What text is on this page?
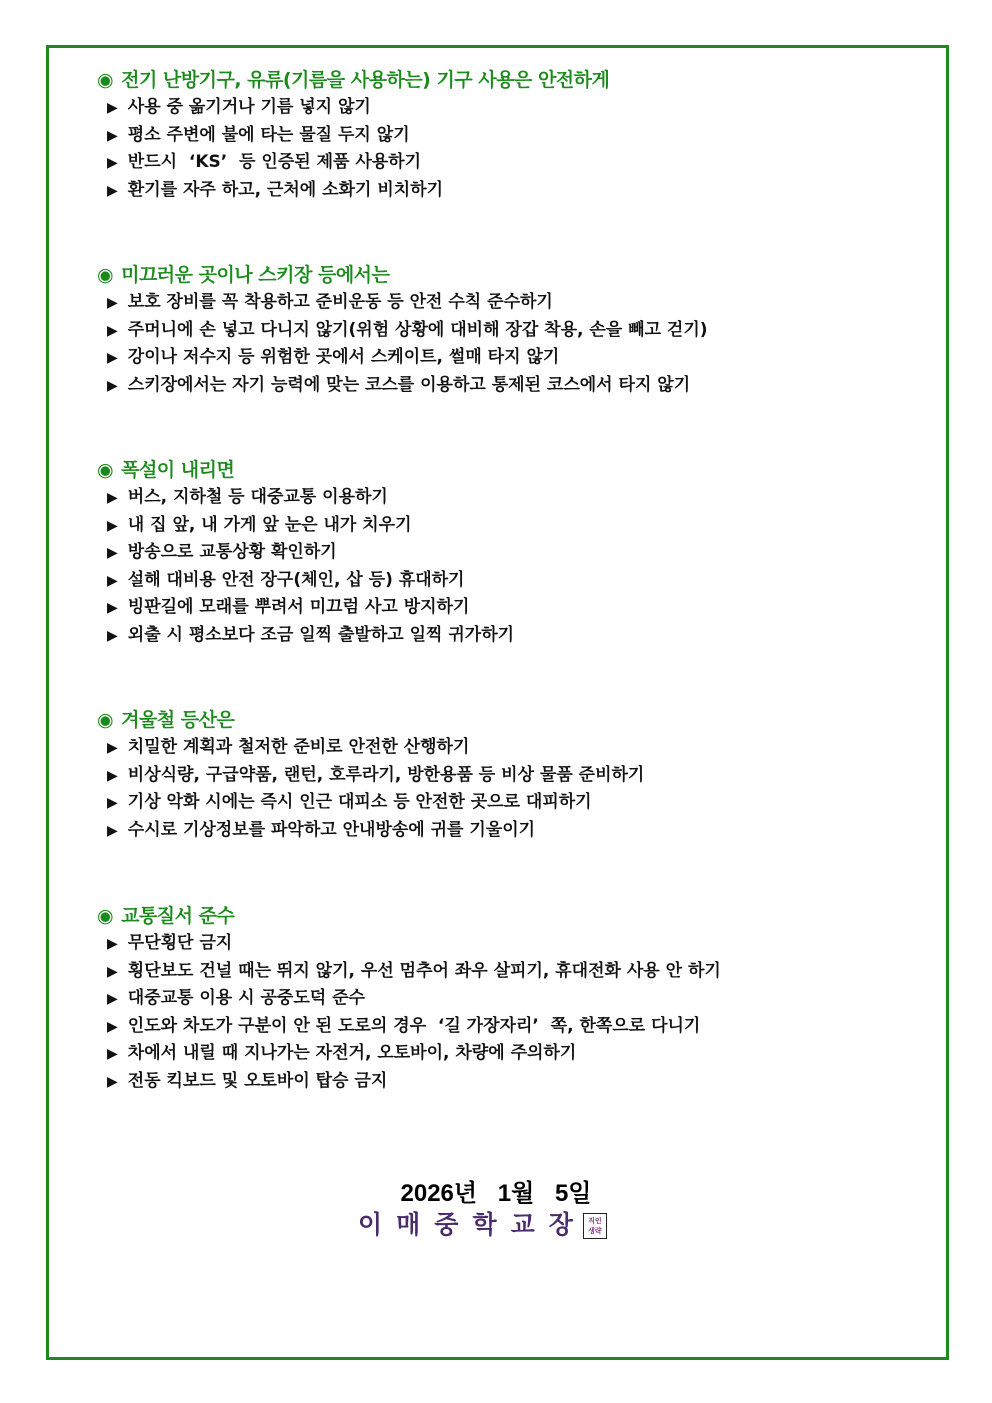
◉ 전기 난방기구, 유류(기름을 사용하는) 기구 사용은 안전하게
▶ 사용 중 옮기거나 기름 넣지 않기
▶ 평소 주변에 불에 타는 물질 두지 않기
▶ 반드시  ‘KS’  등 인증된 제품 사용하기
▶ 환기를 자주 하고, 근처에 소화기 비치하기
◉ 미끄러운 곳이나 스키장 등에서는
▶ 보호 장비를 꼭 착용하고 준비운동 등 안전 수칙 준수하기
▶ 주머니에 손 넣고 다니지 않기(위험 상황에 대비해 장갑 착용, 손을 빼고 걷기)
▶ 강이나 저수지 등 위험한 곳에서 스케이트, 썰매 타지 않기
▶ 스키장에서는 자기 능력에 맞는 코스를 이용하고 통제된 코스에서 타지 않기
◉ 폭설이 내리면
▶ 버스, 지하철 등 대중교통 이용하기
▶ 내 집 앞, 내 가게 앞 눈은 내가 치우기
▶ 방송으로 교통상황 확인하기
▶ 설해 대비용 안전 장구(체인, 삽 등) 휴대하기
▶ 빙판길에 모래를 뿌려서 미끄럼 사고 방지하기
▶ 외출 시 평소보다 조금 일찍 출발하고 일찍 귀가하기
◉ 겨울철 등산은
▶ 치밀한 계획과 철저한 준비로 안전한 산행하기
▶ 비상식량, 구급약품, 랜턴, 호루라기, 방한용품 등 비상 물품 준비하기
▶ 기상 악화 시에는 즉시 인근 대피소 등 안전한 곳으로 대피하기
▶ 수시로 기상정보를 파악하고 안내방송에 귀를 기울이기
◉ 교통질서 준수
▶ 무단횡단 금지
▶ 횡단보도 건널 때는 뛰지 않기, 우선 멈추어 좌우 살피기, 휴대전화 사용 안 하기
▶ 대중교통 이용 시 공중도덕 준수
▶ 인도와 차도가 구분이 안 된 도로의 경우  ‘길 가장자리’  쪽, 한쪽으로 다니기
▶ 차에서 내릴 때 지나가는 자전거, 오토바이, 차량에 주의하기
▶ 전동 킥보드 및 오토바이 탑승 금지
2026년 1월 5일
이매중학교장직인
생략
